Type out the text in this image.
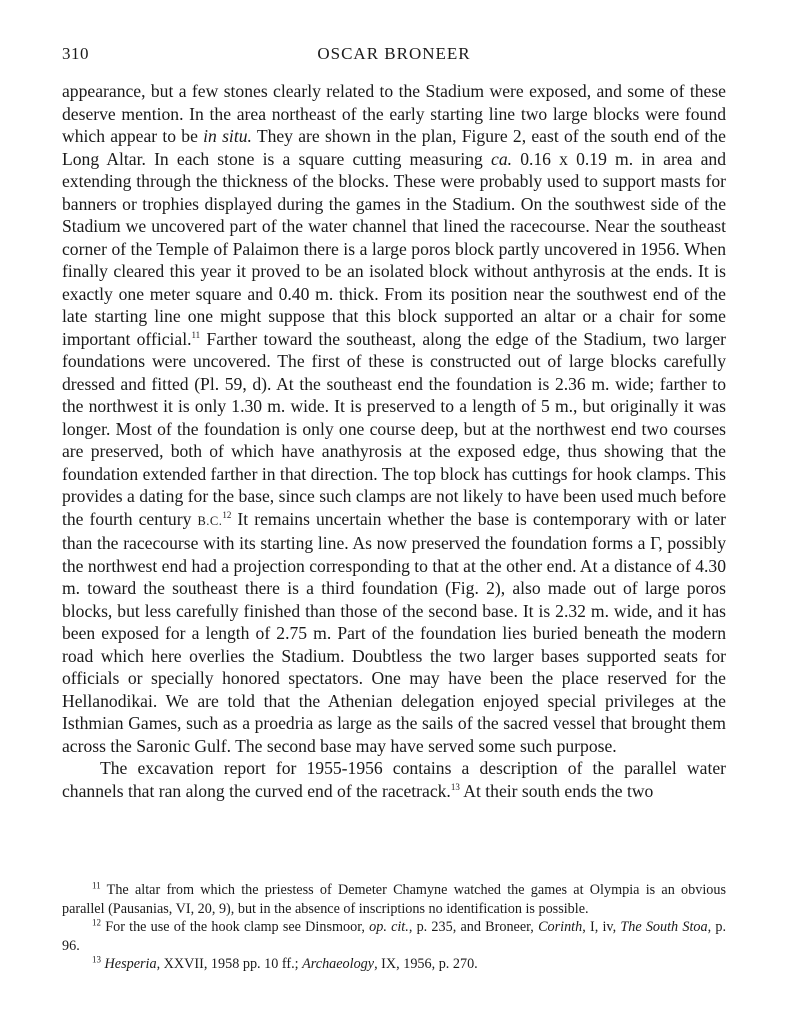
310	OSCAR BRONEER

appearance, but a few stones clearly related to the Stadium were exposed, and some of these deserve mention. In the area northeast of the early starting line two large blocks were found which appear to be in situ. They are shown in the plan, Figure 2, east of the south end of the Long Altar. In each stone is a square cutting measuring ca. 0.16 x 0.19 m. in area and extending through the thickness of the blocks. These were probably used to support masts for banners or trophies displayed during the games in the Stadium. On the southwest side of the Stadium we uncovered part of the water channel that lined the racecourse. Near the southeast corner of the Temple of Palaimon there is a large poros block partly uncovered in 1956. When finally cleared this year it proved to be an isolated block without anthyrosis at the ends. It is exactly one meter square and 0.40 m. thick. From its position near the southwest end of the late starting line one might suppose that this block supported an altar or a chair for some important official.$^{11}$ Farther toward the southeast, along the edge of the Stadium, two larger foundations were uncovered. The first of these is constructed out of large blocks carefully dressed and fitted (Pl. 59, d). At the southeast end the foundation is 2.36 m. wide; farther to the northwest it is only 1.30 m. wide. It is preserved to a length of 5 m., but originally it was longer. Most of the foundation is only one course deep, but at the northwest end two courses are preserved, both of which have anathyrosis at the exposed edge, thus showing that the foundation extended farther in that direction. The top block has cuttings for hook clamps. This provides a dating for the base, since such clamps are not likely to have been used much before the fourth century B.C.$^{12}$ It remains uncertain whether the base is contemporary with or later than the racecourse with its starting line. As now preserved the foundation forms a Γ, possibly the northwest end had a projection corresponding to that at the other end. At a distance of 4.30 m. toward the southeast there is a third foundation (Fig. 2), also made out of large poros blocks, but less carefully finished than those of the second base. It is 2.32 m. wide, and it has been exposed for a length of 2.75 m. Part of the foundation lies buried beneath the modern road which here overlies the Stadium. Doubtless the two larger bases supported seats for officials or specially honored spectators. One may have been the place reserved for the Hellanodikai. We are told that the Athenian delegation enjoyed special privileges at the Isthmian Games, such as a proedria as large as the sails of the sacred vessel that brought them across the Saronic Gulf. The second base may have served some such purpose.

The excavation report for 1955-1956 contains a description of the parallel water channels that ran along the curved end of the racetrack.$^{13}$ At their south ends the two

$^{11}$ The altar from which the priestess of Demeter Chamyne watched the games at Olympia is an obvious parallel (Pausanias, VI, 20, 9), but in the absence of inscriptions no identification is possible.

$^{12}$ For the use of the hook clamp see Dinsmoor, op. cit., p. 235, and Broneer, Corinth, I, iv, The South Stoa, p. 96.

$^{13}$ Hesperia, XXVII, 1958 pp. 10 ff.; Archaeology, IX, 1956, p. 270.
